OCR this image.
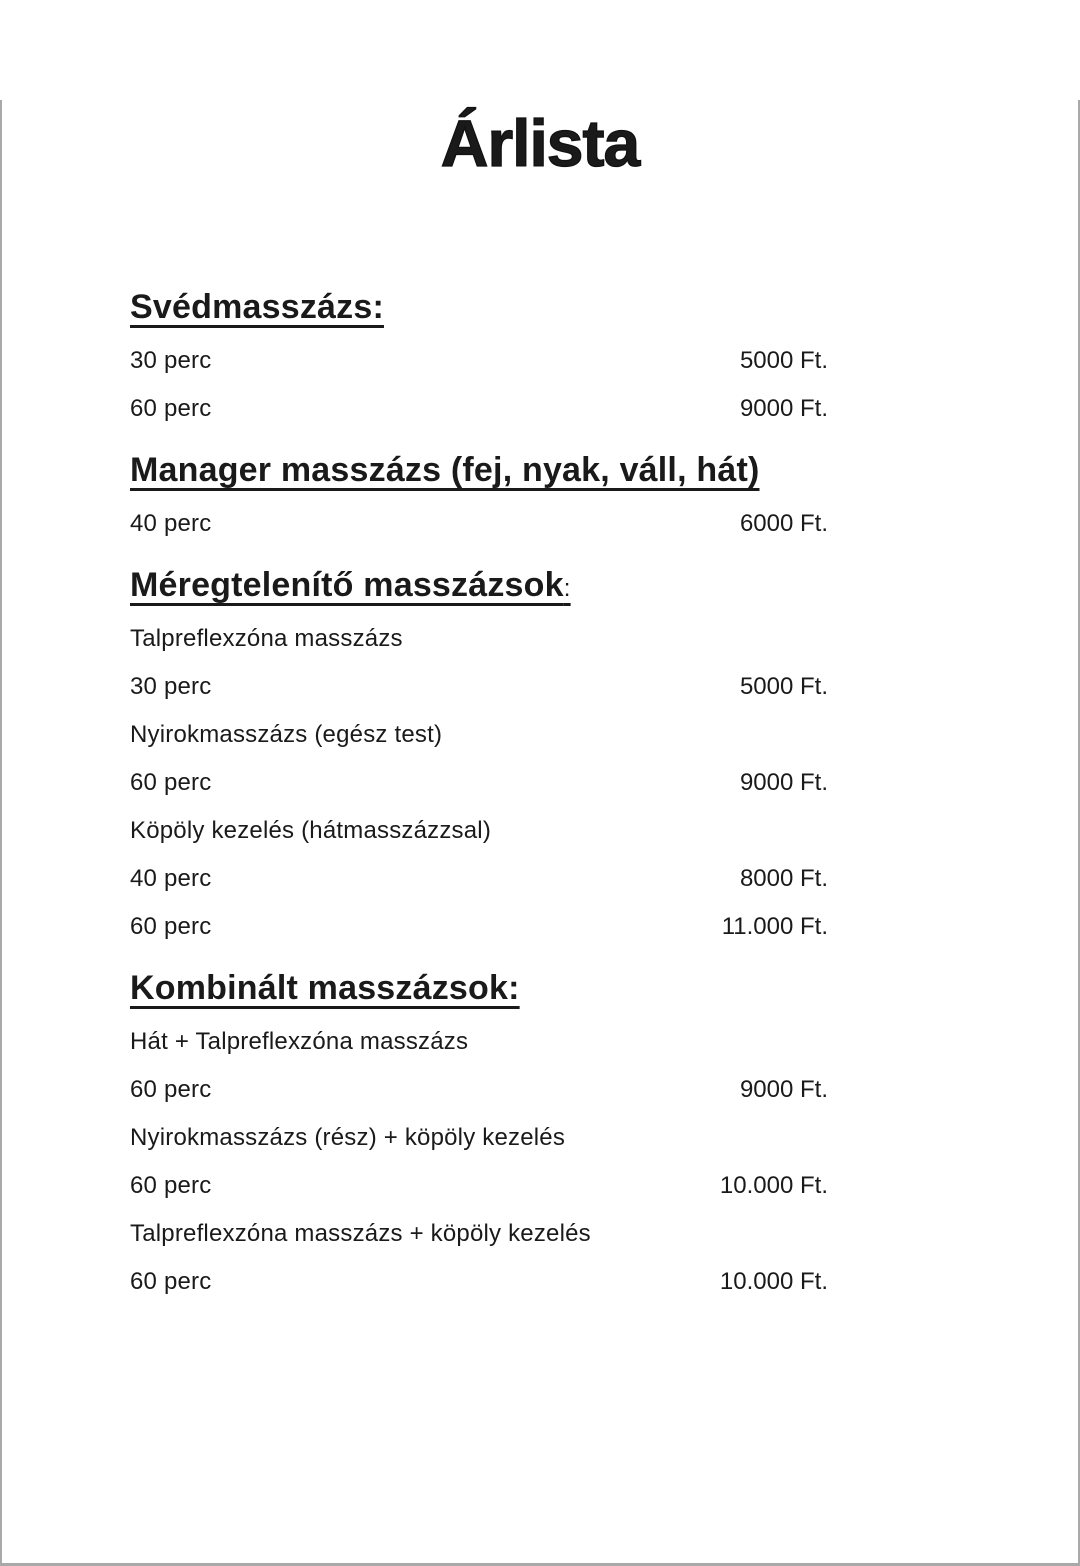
Árlista
Svédmasszázs:
30 perc	5000 Ft.
60 perc	9000 Ft.
Manager masszázs (fej, nyak, váll, hát)
40 perc	6000 Ft.
Méregtelenítő masszázsok:
Talpreflexzóna masszázs
30 perc	5000 Ft.
Nyirokmasszázs (egész test)
60 perc	9000 Ft.
Köpöly kezelés (hátmasszázzsal)
40 perc	8000 Ft.
60 perc	11.000 Ft.
Kombinált masszázsok:
Hát + Talpreflexzóna masszázs
60 perc	9000 Ft.
Nyirokmasszázs (rész) + köpöly kezelés
60 perc	10.000 Ft.
Talpreflexzóna masszázs + köpöly kezelés
60 perc	10.000 Ft.
